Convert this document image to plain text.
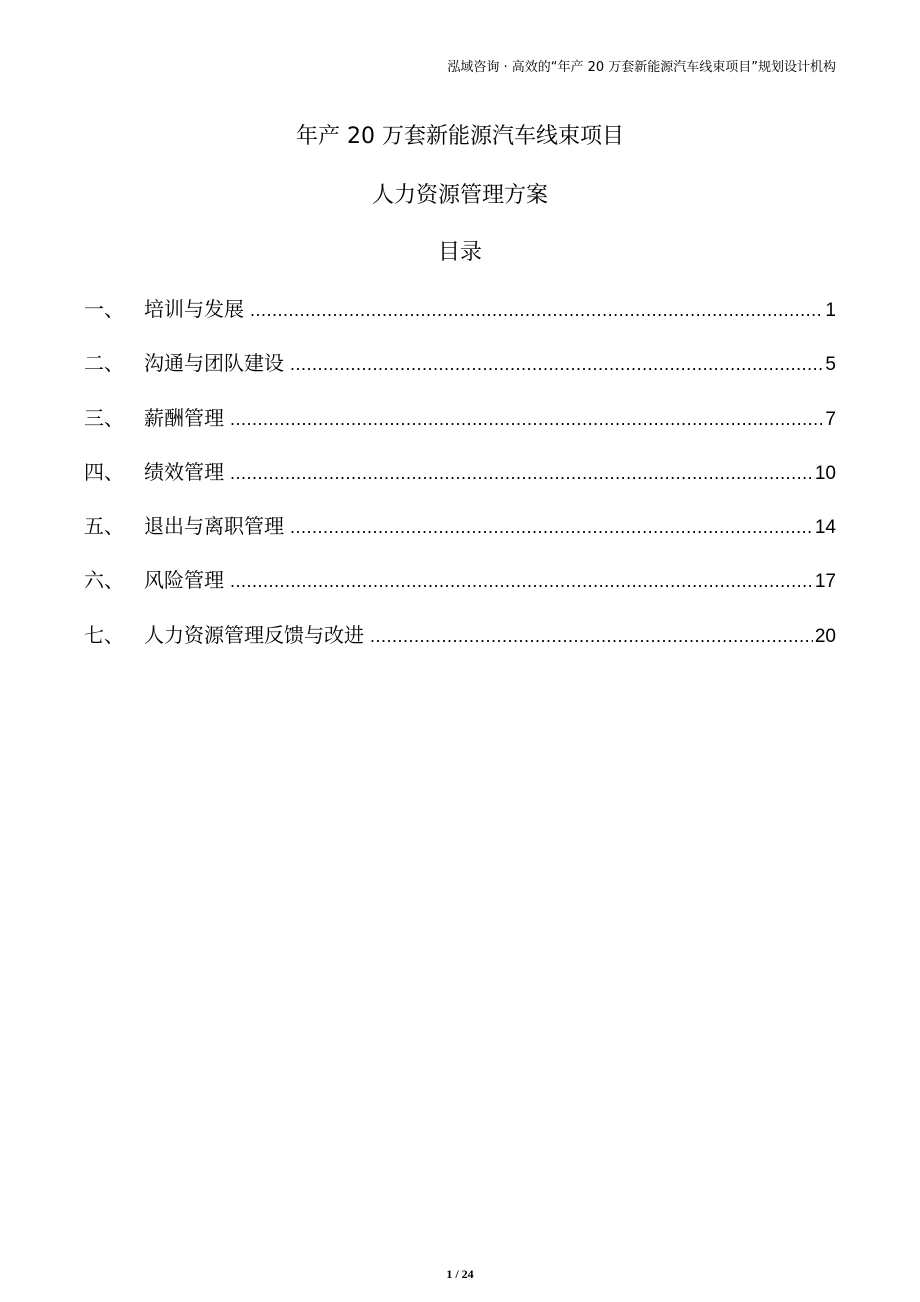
泓域咨询 · 高效的“年产 20 万套新能源汽车线束项目”规划设计机构
年产 20 万套新能源汽车线束项目
人力资源管理方案
目录
一、	培训与发展 .....	1
二、	沟通与团队建设 .....	5
三、	薪酬管理 .....	7
四、	绩效管理 .....	10
五、	退出与离职管理 .....	14
六、	风险管理 .....	17
七、	人力资源管理反馈与改进 .....	20
1 / 24
